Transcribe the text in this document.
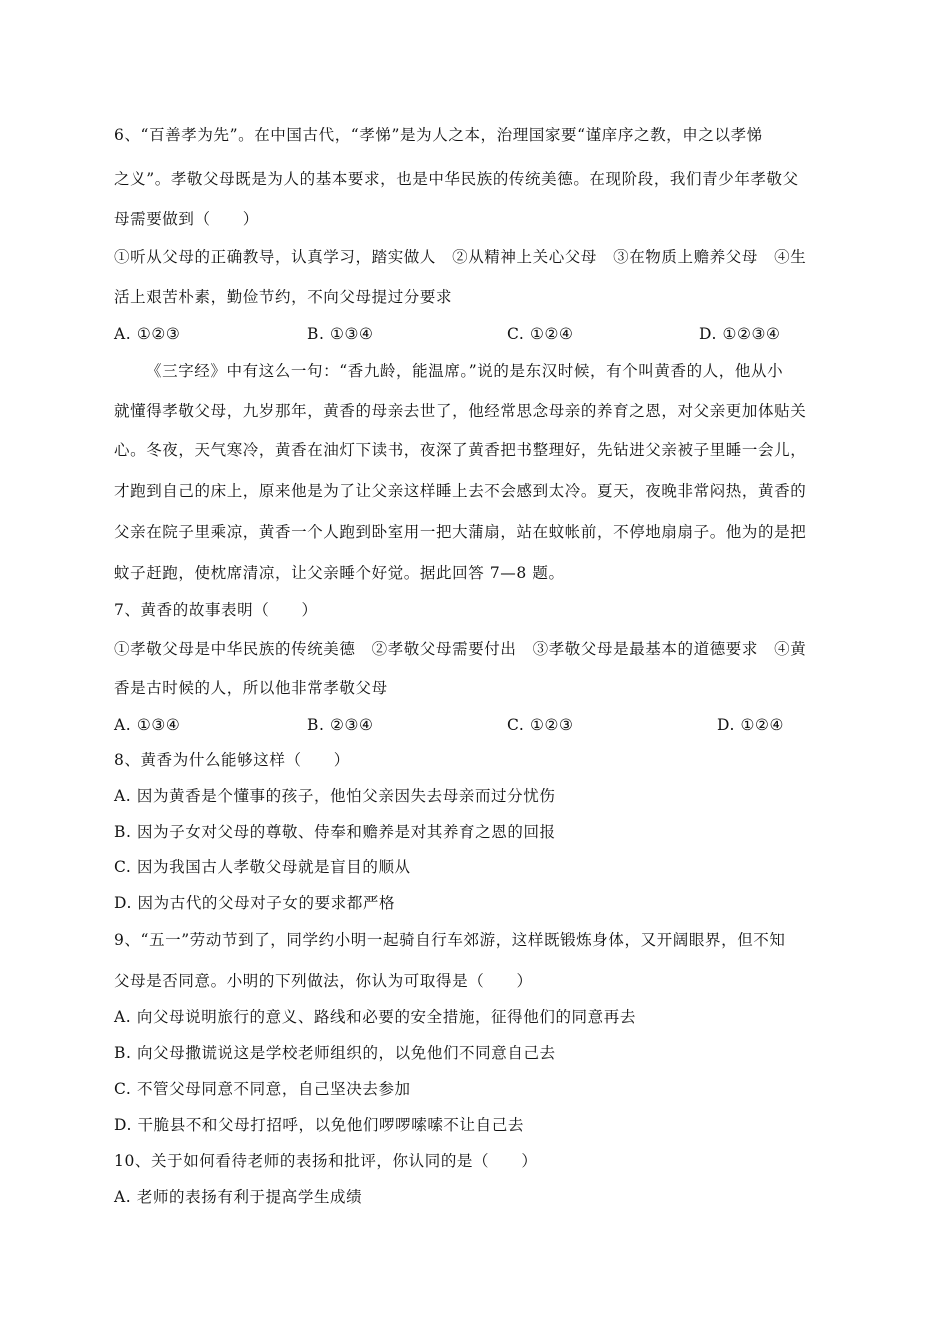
6、“百善孝为先”。在中国古代，“孝悌”是为人之本，治理国家要“谨庠序之教，申之以孝悌
之义”。孝敬父母既是为人的基本要求，也是中华民族的传统美德。在现阶段，我们青少年孝敬父
母需要做到（　　）
①听从父母的正确教导，认真学习，踏实做人　②从精神上关心父母　③在物质上赡养父母　④生
活上艰苦朴素，勤俭节约，不向父母提过分要求
A. ①②③	B. ①③④	C. ①②④	D. ①②③④
《三字经》中有这么一句：“香九龄，能温席。”说的是东汉时候，有个叫黄香的人，他从小
就懂得孝敬父母，九岁那年，黄香的母亲去世了，他经常思念母亲的养育之恩，对父亲更加体贴关
心。冬夜，天气寒冷，黄香在油灯下读书，夜深了黄香把书整理好，先钻进父亲被子里睡一会儿，
才跑到自己的床上，原来他是为了让父亲这样睡上去不会感到太冷。夏天，夜晚非常闷热，黄香的
父亲在院子里乘凉，黄香一个人跑到卧室用一把大蒲扇，站在蚊帐前，不停地扇扇子。他为的是把
蚊子赶跑，使枕席清凉，让父亲睡个好觉。据此回答 7—8 题。
7、黄香的故事表明（　　）
①孝敬父母是中华民族的传统美德　②孝敬父母需要付出　③孝敬父母是最基本的道德要求　④黄
香是古时候的人，所以他非常孝敬父母
A. ①③④	B. ②③④	C. ①②③	D. ①②④
8、黄香为什么能够这样（　　）
A. 因为黄香是个懂事的孩子，他怕父亲因失去母亲而过分忧伤
B. 因为子女对父母的尊敬、侍奉和赡养是对其养育之恩的回报
C. 因为我国古人孝敬父母就是盲目的顺从
D. 因为古代的父母对子女的要求都严格
9、“五一”劳动节到了，同学约小明一起骑自行车郊游，这样既锻炼身体，又开阔眼界，但不知
父母是否同意。小明的下列做法，你认为可取得是（　　）
A. 向父母说明旅行的意义、路线和必要的安全措施，征得他们的同意再去
B. 向父母撒谎说这是学校老师组织的，以免他们不同意自己去
C. 不管父母同意不同意，自己坚决去参加
D. 干脆县不和父母打招呼，以免他们啰啰嗦嗦不让自己去
10、关于如何看待老师的表扬和批评，你认同的是（　　）
A. 老师的表扬有利于提高学生成绩
